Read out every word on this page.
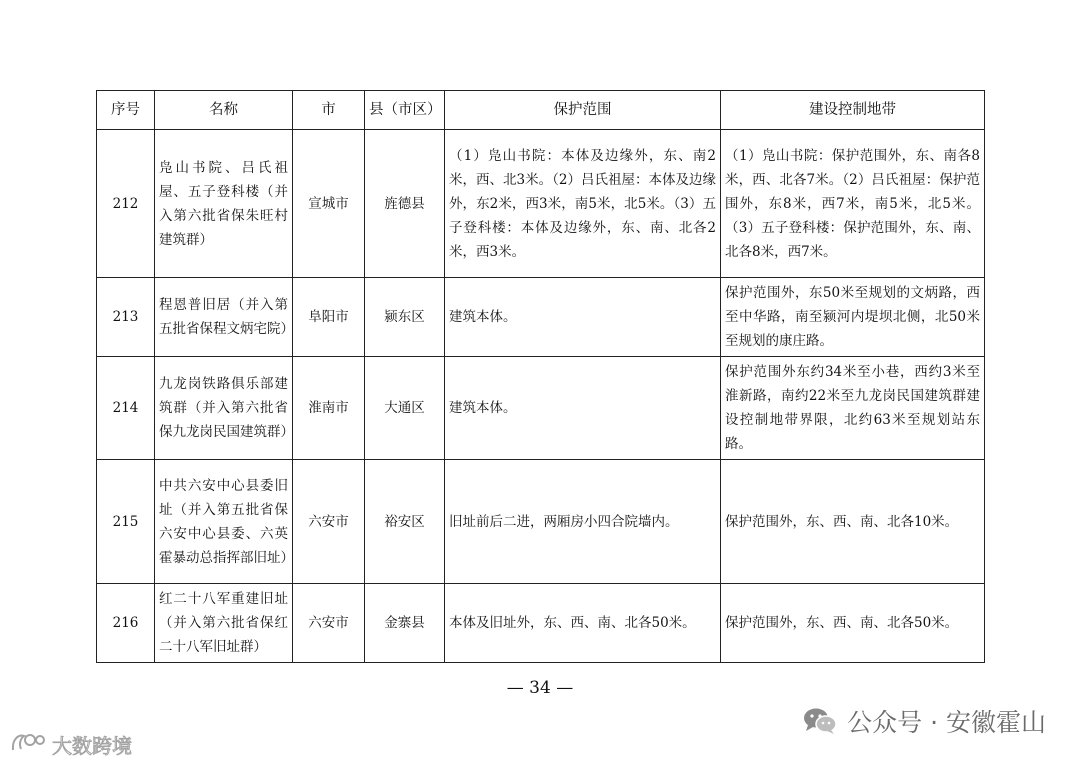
序号	名称	市	县（市区）	保护范围	建设控制地带
212	凫山书院、吕氏祖屋、五子登科楼（并入第六批省保朱旺村建筑群）	宣城市	旌德县	（1）凫山书院：本体及边缘外，东、南2米，西、北3米。（2）吕氏祖屋：本体及边缘外，东2米，西3米，南5米，北5米。（3）五子登科楼：本体及边缘外，东、南、北各2米，西3米。	（1）凫山书院：保护范围外，东、南各8米，西、北各7米。（2）吕氏祖屋：保护范围外，东8米，西7米，南5米，北5米。（3）五子登科楼：保护范围外，东、南、北各8米，西7米。
213	程恩普旧居（并入第五批省保程文炳宅院）	阜阳市	颍东区	建筑本体。	保护范围外，东50米至规划的文炳路，西至中华路，南至颍河内堤坝北侧，北50米至规划的康庄路。
214	九龙岗铁路俱乐部建筑群（并入第六批省保九龙岗民国建筑群）	淮南市	大通区	建筑本体。	保护范围外东约34米至小巷，西约3米至淮新路，南约22米至九龙岗民国建筑群建设控制地带界限，北约63米至规划站东路。
215	中共六安中心县委旧址（并入第五批省保六安中心县委、六英霍暴动总指挥部旧址）	六安市	裕安区	旧址前后二进，两厢房小四合院墙内。	保护范围外，东、西、南、北各10米。
216	红二十八军重建旧址（并入第六批省保红二十八军旧址群）	六安市	金寨县	本体及旧址外，东、西、南、北各50米。	保护范围外，东、西、南、北各50米。
— 34 —
公众号 · 安徽霍山
大数跨境
